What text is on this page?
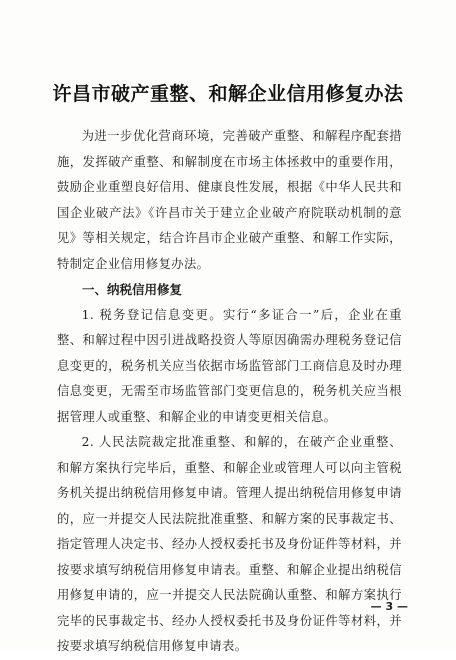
许昌市破产重整、和解企业信用修复办法

为进一步优化营商环境，完善破产重整、和解程序配套措施，发挥破产重整、和解制度在市场主体拯救中的重要作用，鼓励企业重塑良好信用、健康良性发展，根据《中华人民共和国企业破产法》《许昌市关于建立企业破产府院联动机制的意见》等相关规定，结合许昌市企业破产重整、和解工作实际，特制定企业信用修复办法。

一、纳税信用修复

1. 税务登记信息变更。实行“多证合一”后，企业在重整、和解过程中因引进战略投资人等原因确需办理税务登记信息变更的，税务机关应当依据市场监管部门工商信息及时办理信息变更，无需至市场监管部门变更信息的，税务机关应当根据管理人或重整、和解企业的申请变更相关信息。

2. 人民法院裁定批准重整、和解的，在破产企业重整、和解方案执行完毕后，重整、和解企业或管理人可以向主管税务机关提出纳税信用修复申请。管理人提出纳税信用修复申请的，应一并提交人民法院批准重整、和解方案的民事裁定书、指定管理人决定书、经办人授权委托书及身份证件等材料，并按要求填写纳税信用修复申请表。重整、和解企业提出纳税信用修复申请的，应一并提交人民法院确认重整、和解方案执行完毕的民事裁定书、经办人授权委托书及身份证件等材料，并按要求填写纳税信用修复申请表。

— 3 —
